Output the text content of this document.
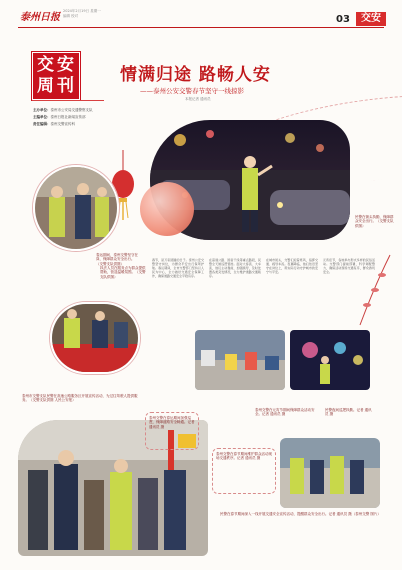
泰州日报
2024年2月19日 星期一
编辑 校对	03	交安
交 安
周 刊
情满归途 路畅人安
——泰州公安交警春节坚守一线掠影
本报记者 通讯员
主办单位：泰州市公安局交通警察支队
主编单位：泰州日报社新闻宣传部
责任编辑：泰州交警宣传科
民警在街头执勤，保障群众安全出行。（交警支队供图）
春运期间，泰州交警坚守在岗，保障群众安全出行。（交警支队供图）
春节，是万家团圆的日子。泰州公安交警坚守岗位，为群众平安出行保驾护航。春运期间，全市交警部门坚持以人民为中心，全力做好交通安全保障工作，确保道路交通安全平稳有序。
在高速公路、国省干线等重点路段，民警全天候巡逻管控。面对大客流、大车流，他们主动靠前，加强疏导，及时处置各类突发情况，全力维护道路交通秩序。
在城市街头，交警们迎着寒风，指挥交通、疏导车流。夜幕降临，他们依旧坚守在岗位上，用实际行动守护城市的安宁与平安。
元宵佳节，各地举办形式多样的民俗活动。交警部门提前部署，科学调配警力，确保活动现场交通有序，群众游玩安全。
执法人员在服务点为群众提供帮助，营造温暖氛围。（交警支队供图）
泰州市交警支队民警在高速公路服务区开展宣传活动，为过往驾驶人提供服务。（交警支队供图 人民公安报）
泰州交警在春运期间加强巡逻，保障道路安全畅通。记者 通讯员 摄
泰州交警在元宵节期间保障群众活动安全。记者 通讯员 摄
民警夜间巡逻执勤。记者 通讯员 摄
泰州交警在春节期间维护群众活动现场交通秩序。记者 通讯员 摄
民警在春节期间深入一线开展交通安全宣传活动，提醒群众安全出行。记者 通讯员 摄（泰州交警 图片）
